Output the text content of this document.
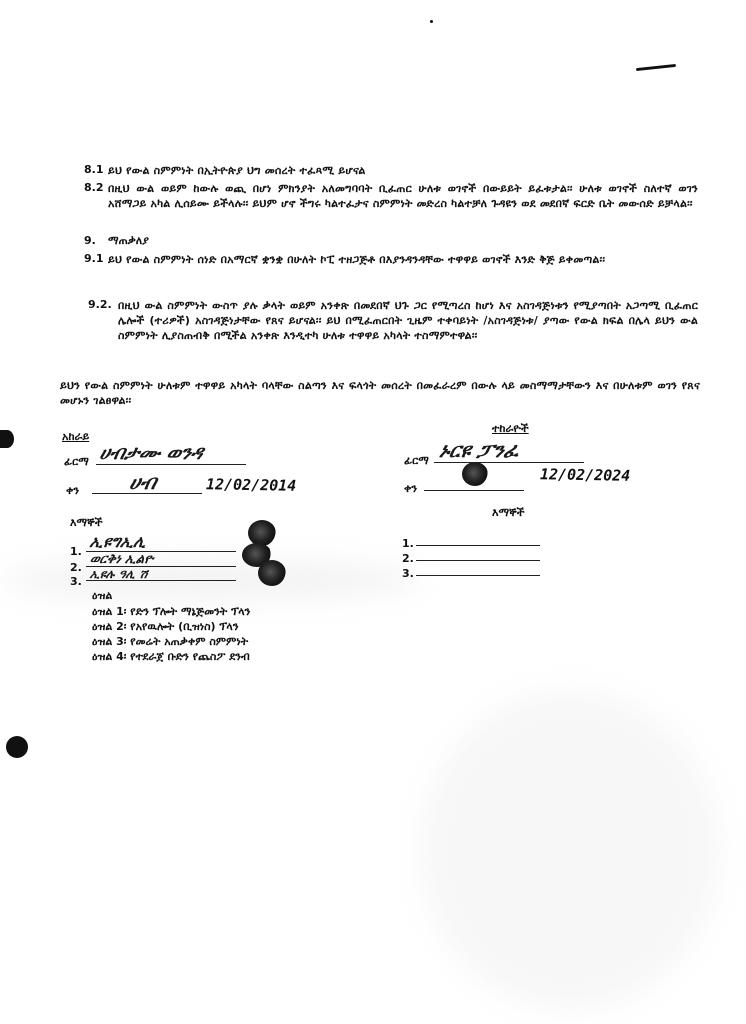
8.1 ይህ የውል ስምምነት በኢትዮጵያ ህግ መሰረት ተፈጻሚ ይሆናል
8.2 በዚህ ውል ወይም ከውሉ ወጪ በሆነ ምክንያት አለመግባባት ቢፈጠር ሁለቱ ወገኖች በውይይት ይፈቱታል፡፡ ሁለቱ ወገኖች ስለተኛ ወገን አሸማጋይ አካል ሊሰይሙ ይችላሉ፡፡ ይህም ሆኖ ችግሩ ካልተፈታና ስምምነት መድረስ ካልተቻለ ጉዳዩን ወደ መደበኛ ፍርድ ቤት መውሰድ ይቻላል፡፡
9. ማጠቃለያ
9.1 ይህ የውል ስምምነት ሰነድ በአማርኛ ቋንቋ በሁለት ኮፒ ተዘጋጅቶ በእያንዳንዳቸው ተዋዋይ ወገኖች እንድ ቅጅ ይቀመጣል፡፡
9.2. በዚህ ውል ስምምነት ውስጥ ያሉ ቃላት ወይም አንቀጽ በመደበኛ ህጉ ጋር የሚጣረስ ከሆነ እና አስገዳጅነቱን የሚያጣበት አጋጣሚ ቢፈጠር ሌሎች (ተሪዎች) አስገዳጅነታቸው የጸና ይሆናል፡፡ ይህ በሚፈጠርበት ጊዜም ተቀባይነት /አስገዳጅነቱ/ ያጣው የውል ክፍል በሌላ ይህን ውል ስምምነት ሊያስጠብቅ በሚችል አንቀጽ እንዲተካ ሁለቱ ተዋዋይ አካላት ተስማምተዋል፡፡
ይህን የውል ስምምነት ሁለቱም ተዋዋይ አካላት ባላቸው ስልጣን እና ፍላጎት መሰረት በመፈራረም በውሉ ላይ መስማማታቸውን እና በሁለቱም ወገን የጸና መሆኑን ገልፀዋል፡፡
አከራይ
ፊርማ ሀብታሙ ወንዳ
ቀን ሀብ	12/02/2014
እማኞች
1.
2.
3.
ኢዩግኢሊ
ወርቅነ ኢልዮ
ኢዩሉ ዓሊ ሽ
ዕዝል
ዕዝል 1፡ የድን ፕሎት ማኔጅመንት ፕላን
ዕዝል 2፡ የአየዉሎት (ቢዝነስ) ፕላን
ዕዝል 3፡ የመሬት አጠቃቀም ስምምነት
ዕዝል 4፡ የተደራጀ ቡድን የጨስፖ ደንብ
ተከራዮች
ፊርማ ኑርዩ ፓንፈ
ቀን
12/02/2024
እማኞች
1.
2.
3.
